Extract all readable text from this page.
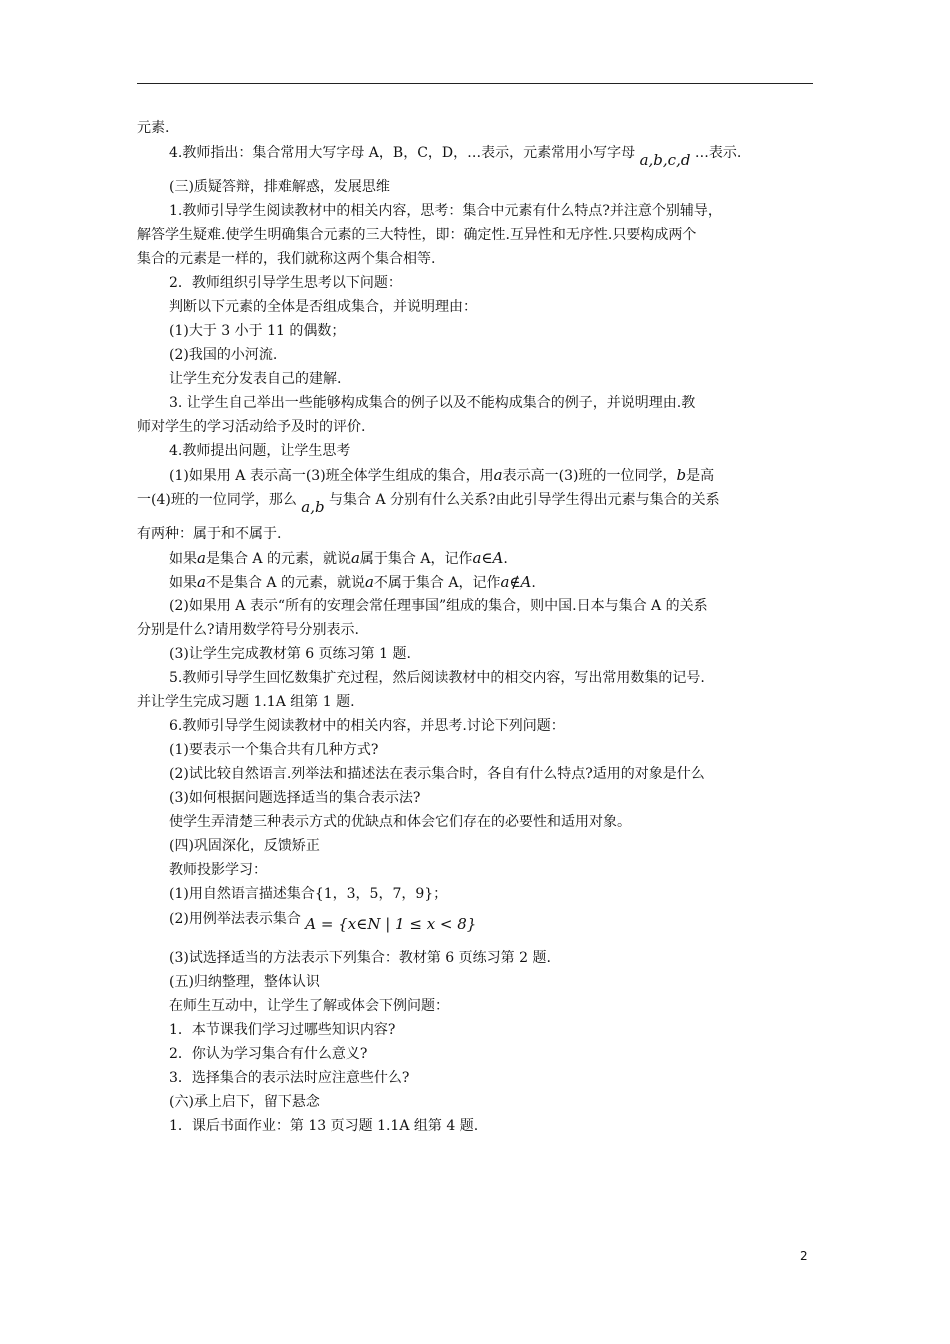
元素.
4.教师指出：集合常用大写字母 A，B，C，D，…表示，元素常用小写字母 a,b,c,d …表示.
(三)质疑答辩，排难解惑，发展思维
1.教师引导学生阅读教材中的相关内容，思考：集合中元素有什么特点?并注意个别辅导，
解答学生疑难.使学生明确集合元素的三大特性，即：确定性.互异性和无序性.只要构成两个
集合的元素是一样的，我们就称这两个集合相等.
2．教师组织引导学生思考以下问题：
判断以下元素的全体是否组成集合，并说明理由：
(1)大于 3 小于 11 的偶数；
(2)我国的小河流.
让学生充分发表自己的建解.
3. 让学生自己举出一些能够构成集合的例子以及不能构成集合的例子，并说明理由.教
师对学生的学习活动给予及时的评价.
4.教师提出问题，让学生思考
(1)如果用 A 表示高一(3)班全体学生组成的集合，用a表示高一(3)班的一位同学，b是高
一(4)班的一位同学，那么 a,b 与集合 A 分别有什么关系?由此引导学生得出元素与集合的关系
有两种：属于和不属于.
如果a是集合 A 的元素，就说a属于集合 A，记作a∈A.
如果a不是集合 A 的元素，就说a不属于集合 A，记作a∉A.
(2)如果用 A 表示“所有的安理会常任理事国”组成的集合，则中国.日本与集合 A 的关系
分别是什么?请用数学符号分别表示.
(3)让学生完成教材第 6 页练习第 1 题.
5.教师引导学生回忆数集扩充过程，然后阅读教材中的相交内容，写出常用数集的记号.
并让学生完成习题 1.1A 组第 1 题.
6.教师引导学生阅读教材中的相关内容，并思考.讨论下列问题：
(1)要表示一个集合共有几种方式?
(2)试比较自然语言.列举法和描述法在表示集合时，各自有什么特点?适用的对象是什么
(3)如何根据问题选择适当的集合表示法?
使学生弄清楚三种表示方式的优缺点和体会它们存在的必要性和适用对象。
(四)巩固深化，反馈矫正
教师投影学习：
(1)用自然语言描述集合{1，3，5，7，9}；
(2)用例举法表示集合 A = {x∈N | 1 ≤ x < 8}
(3)试选择适当的方法表示下列集合：教材第 6 页练习第 2 题.
(五)归纳整理，整体认识
在师生互动中，让学生了解或体会下例问题：
1．本节课我们学习过哪些知识内容?
2．你认为学习集合有什么意义?
3．选择集合的表示法时应注意些什么?
(六)承上启下，留下悬念
1．课后书面作业：第 13 页习题 1.1A 组第 4 题.
2
